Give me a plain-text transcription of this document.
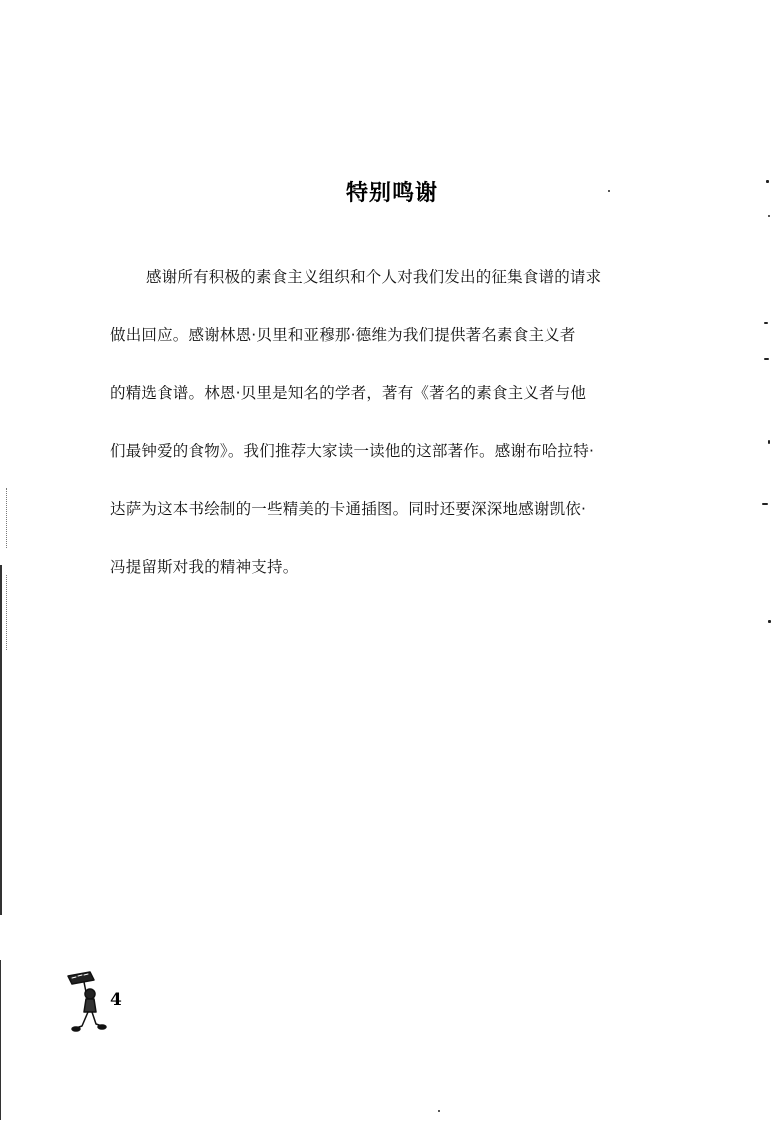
特别鸣谢
感谢所有积极的素食主义组织和个人对我们发出的征集食谱的请求
做出回应。感谢林恩·贝里和亚穆那·德维为我们提供著名素食主义者
的精选食谱。林恩·贝里是知名的学者，著有《著名的素食主义者与他
们最钟爱的食物》。我们推荐大家读一读他的这部著作。感谢布哈拉特·
达萨为这本书绘制的一些精美的卡通插图。同时还要深深地感谢凯依·
冯提留斯对我的精神支持。
4
